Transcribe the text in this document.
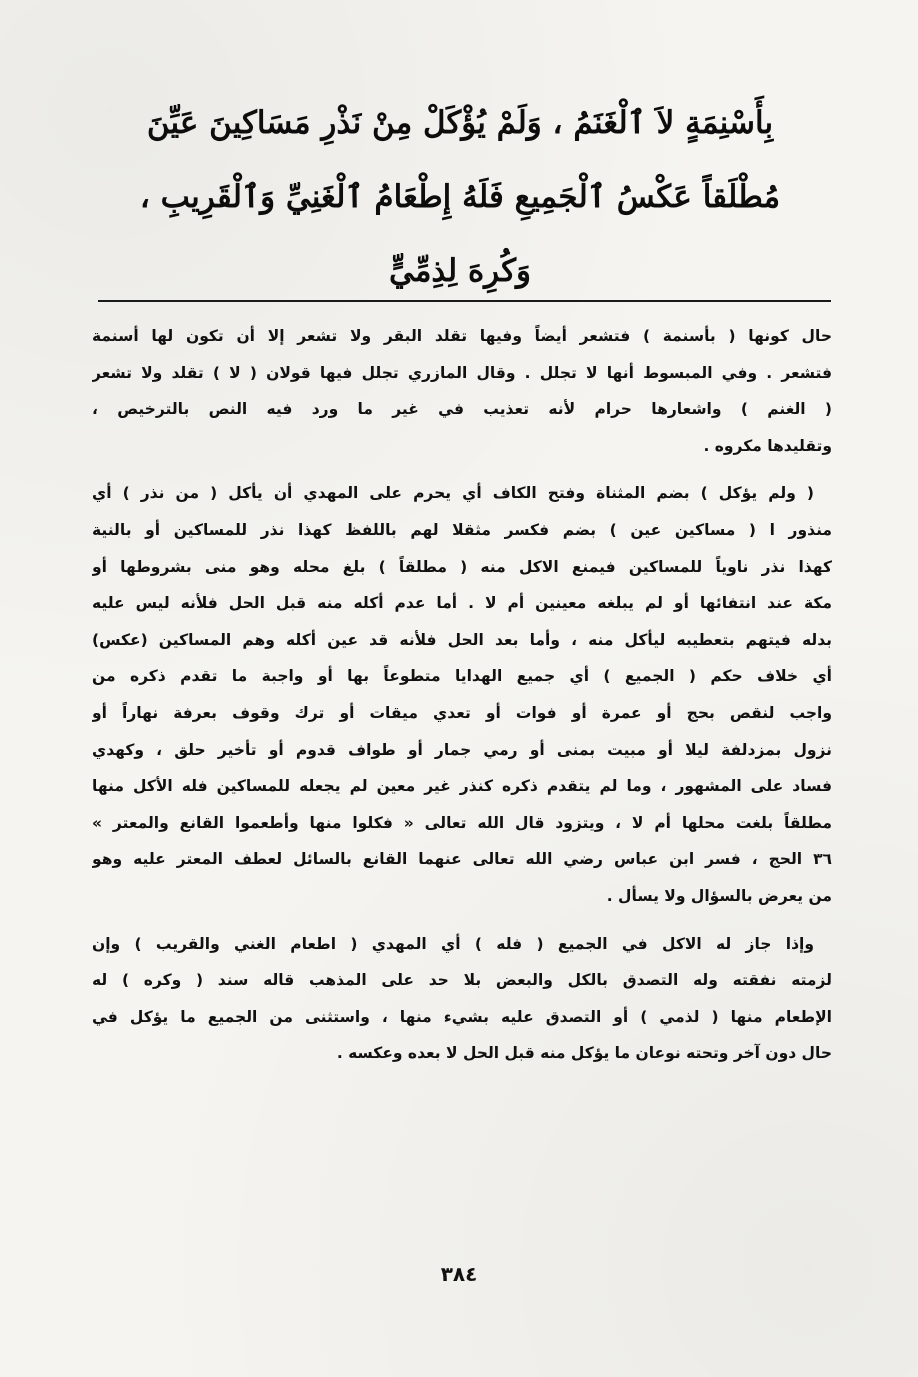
بِأَسْنِمَةٍ لاَ ٱلْغَنَمُ ، وَلَمْ يُؤْكَلْ مِنْ نَذْرِ مَسَاكِينَ عَيِّنَ
مُطْلَقاً عَكْسُ ٱلْجَمِيعِ فَلَهُ إِطْعَامُ ٱلْغَنِيِّ وَٱلْقَرِيبِ ،
وَكُرِهَ لِذِمِّيٍّ
حال كونها ( بأسنمة ) فتشعر أيضاً وفيها تقلد البقر ولا تشعر إلا أن تكون لها أسنمة
فتشعر . وفي المبسوط أنها لا تجلل . وقال المازري تجلل فيها قولان ( لا ) تقلد ولا تشعر
( الغنم ) واشعارها حرام لأنه تعذيب في غير ما ورد فيه النص بالترخيص ،
وتقليدها مكروه .
( ولم يؤكل ) بضم المثناة وفتح الكاف أي يحرم على المهدي أن يأكل ( من نذر ) أي
منذور ا ( مساكين عين ) بضم فكسر مثقلا لهم باللفظ كهذا نذر للمساكين أو بالنية
كهذا نذر ناوياً للمساكين فيمنع الاكل منه ( مطلقاً ) بلغ محله وهو منى بشروطها أو
مكة عند انتفائها أو لم يبلغه معينين أم لا . أما عدم أكله منه قبل الحل فلأنه ليس عليه
بدله فيتهم بتعطيبه ليأكل منه ، وأما بعد الحل فلأنه قد عين أكله وهم المساكين (عكس)
أي خلاف حكم ( الجميع ) أي جميع الهدايا متطوعاً بها أو واجبة ما تقدم ذكره من
واجب لنقص بحج أو عمرة أو فوات أو تعدي ميقات أو ترك وقوف بعرفة نهاراً أو
نزول بمزدلفة ليلا أو مبيت بمنى أو رمي جمار أو طواف قدوم أو تأخير حلق ، وكهدي
فساد على المشهور ، وما لم يتقدم ذكره كنذر غير معين لم يجعله للمساكين فله الأكل منها
مطلقاً بلغت محلها أم لا ، ويتزود قال الله تعالى « فكلوا منها وأطعموا القانع والمعتر »
٣٦ الحج ، فسر ابن عباس رضي الله تعالى عنهما القانع بالسائل لعطف المعتر عليه وهو
من يعرض بالسؤال ولا يسأل .
وإذا جاز له الاكل في الجميع ( فله ) أي المهدي ( اطعام الغني والقريب ) وإن
لزمته نفقته وله التصدق بالكل والبعض بلا حد على المذهب قاله سند ( وكره ) له
الإطعام منها ( لذمي ) أو التصدق عليه بشيء منها ، واستثنى من الجميع ما يؤكل في
حال دون آخر وتحته نوعان ما يؤكل منه قبل الحل لا بعده وعكسه .
٣٨٤
